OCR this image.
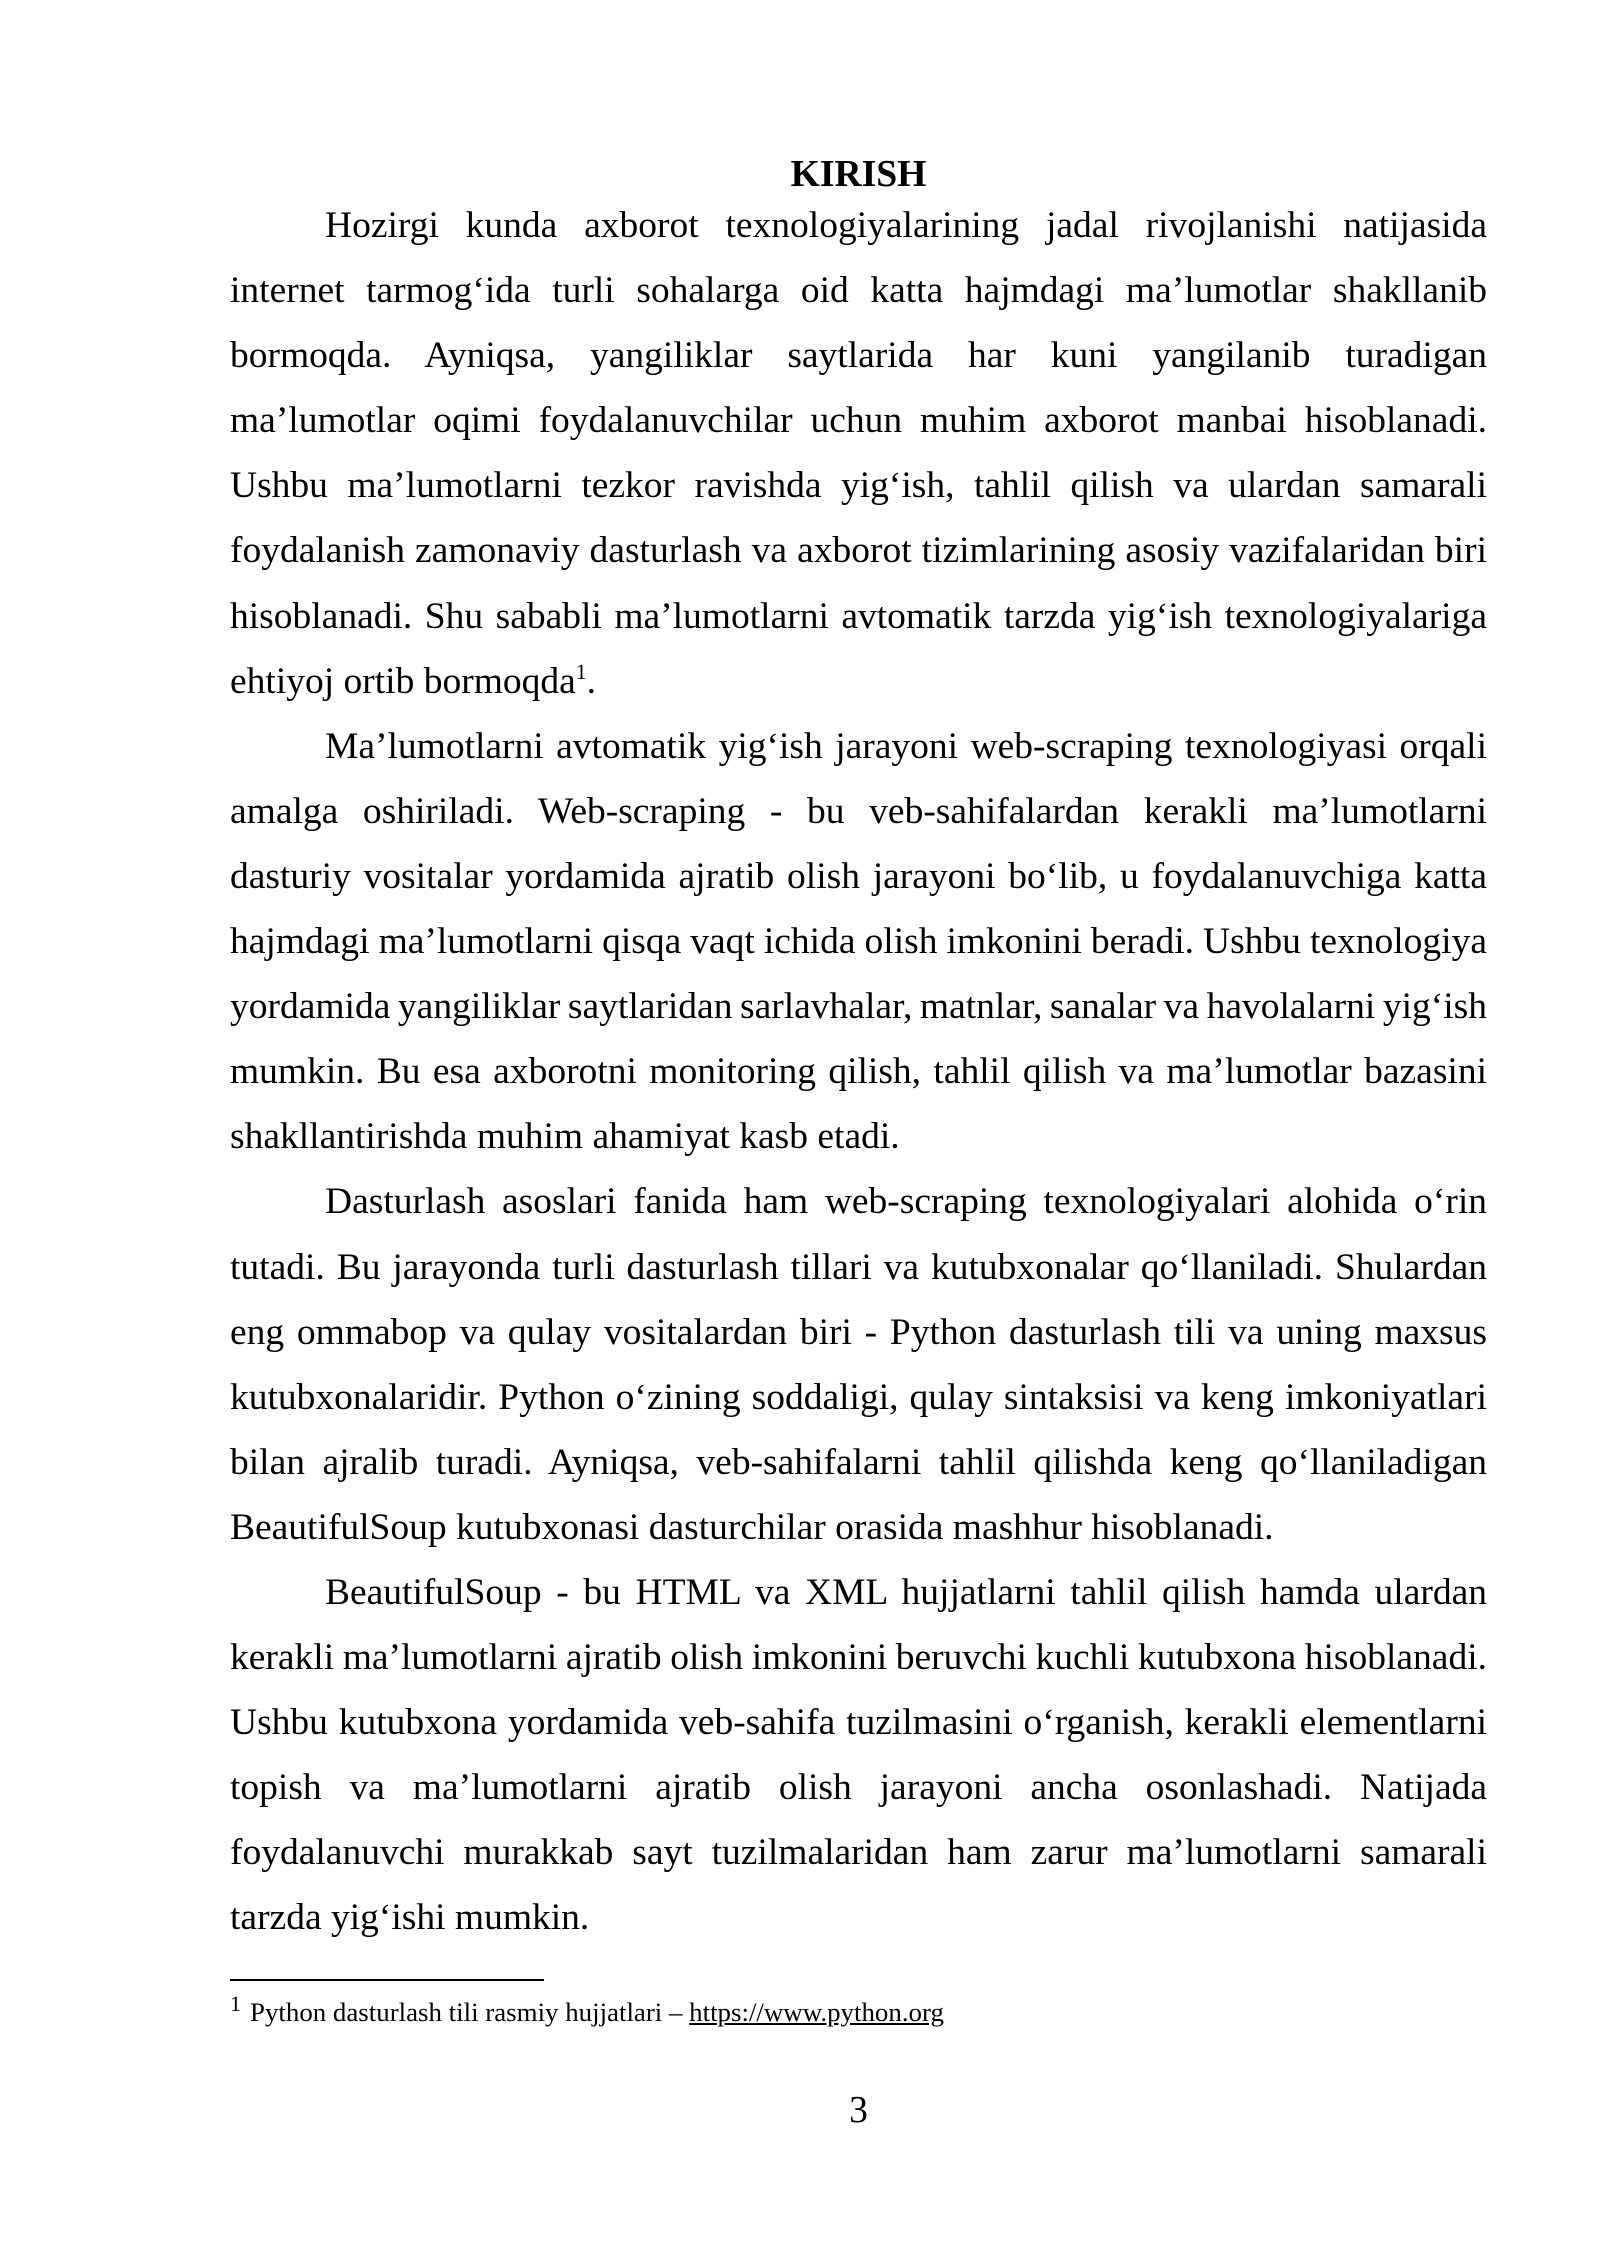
KIRISH
Hozirgi kunda axborot texnologiyalarining jadal rivojlanishi natijasida
internet tarmog‘ida turli sohalarga oid katta hajmdagi ma’lumotlar shakllanib
bormoqda. Ayniqsa, yangiliklar saytlarida har kuni yangilanib turadigan
ma’lumotlar oqimi foydalanuvchilar uchun muhim axborot manbai hisoblanadi.
Ushbu ma’lumotlarni tezkor ravishda yig‘ish, tahlil qilish va ulardan samarali
foydalanish zamonaviy dasturlash va axborot tizimlarining asosiy vazifalaridan biri
hisoblanadi. Shu sababli ma’lumotlarni avtomatik tarzda yig‘ish texnologiyalariga
ehtiyoj ortib bormoqda$^1$.
Ma’lumotlarni avtomatik yig‘ish jarayoni web-scraping texnologiyasi orqali
amalga oshiriladi. Web-scraping - bu veb-sahifalardan kerakli ma’lumotlarni
dasturiy vositalar yordamida ajratib olish jarayoni bo‘lib, u foydalanuvchiga katta
hajmdagi ma’lumotlarni qisqa vaqt ichida olish imkonini beradi. Ushbu texnologiya
yordamida yangiliklar saytlaridan sarlavhalar, matnlar, sanalar va havolalarni yig‘ish
mumkin. Bu esa axborotni monitoring qilish, tahlil qilish va ma’lumotlar bazasini
shakllantirishda muhim ahamiyat kasb etadi.
Dasturlash asoslari fanida ham web-scraping texnologiyalari alohida o‘rin
tutadi. Bu jarayonda turli dasturlash tillari va kutubxonalar qo‘llaniladi. Shulardan
eng ommabop va qulay vositalardan biri - Python dasturlash tili va uning maxsus
kutubxonalaridir. Python o‘zining soddaligi, qulay sintaksisi va keng imkoniyatlari
bilan ajralib turadi. Ayniqsa, veb-sahifalarni tahlil qilishda keng qo‘llaniladigan
BeautifulSoup kutubxonasi dasturchilar orasida mashhur hisoblanadi.
BeautifulSoup - bu HTML va XML hujjatlarni tahlil qilish hamda ulardan
kerakli ma’lumotlarni ajratib olish imkonini beruvchi kuchli kutubxona hisoblanadi.
Ushbu kutubxona yordamida veb-sahifa tuzilmasini o‘rganish, kerakli elementlarni
topish va ma’lumotlarni ajratib olish jarayoni ancha osonlashadi. Natijada
foydalanuvchi murakkab sayt tuzilmalaridan ham zarur ma’lumotlarni samarali
tarzda yig‘ishi mumkin.
$^1$ Python dasturlash tili rasmiy hujjatlari – https://www.python.org
3
